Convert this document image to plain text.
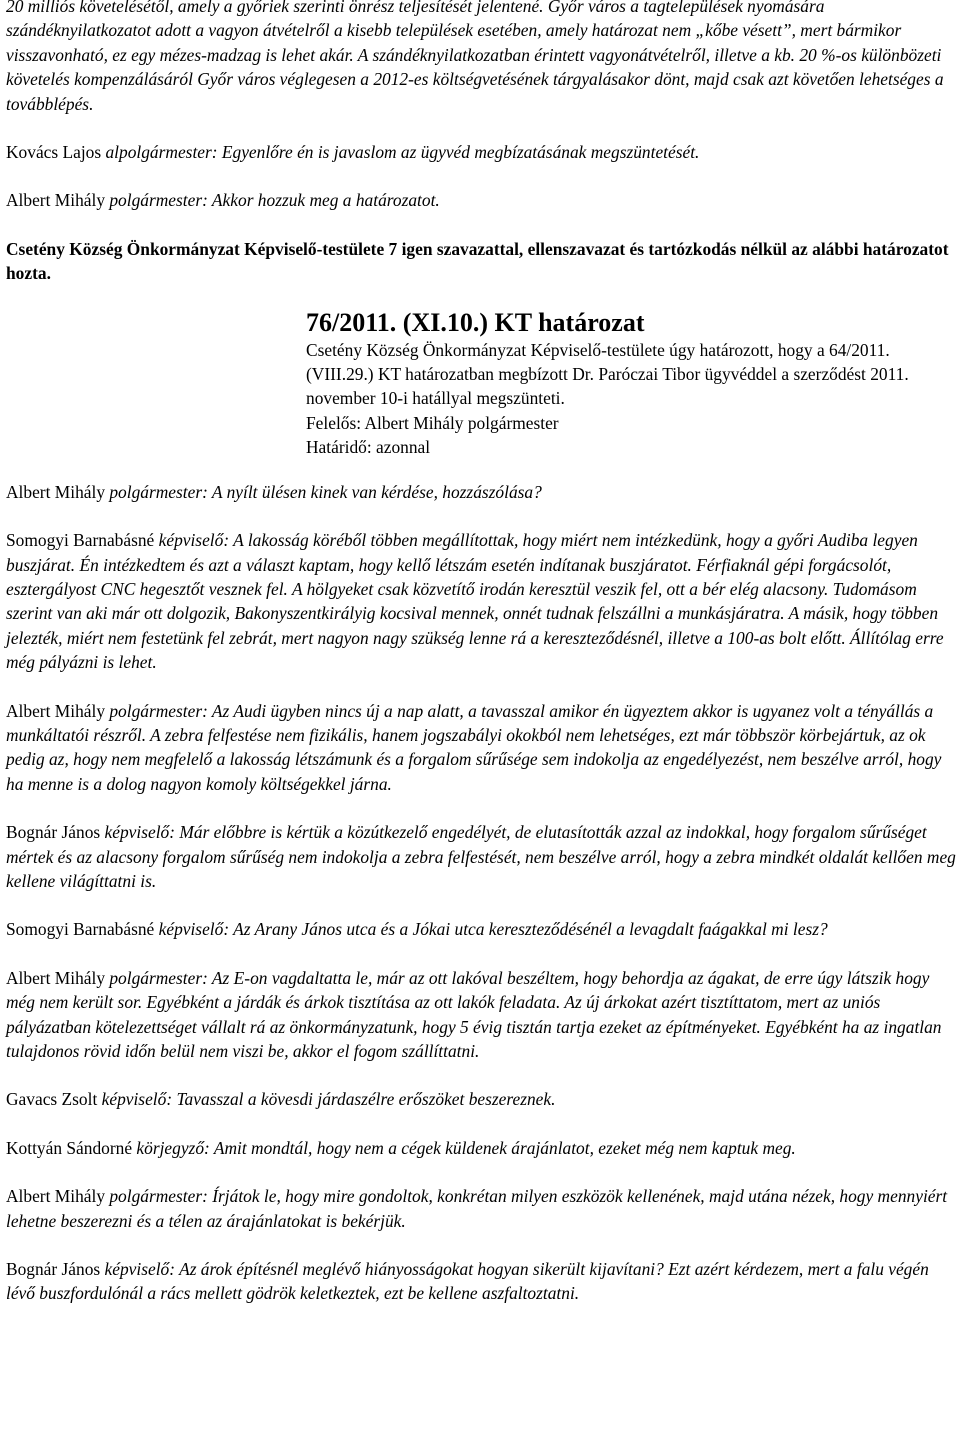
20 milliós követelésétől, amely a győriek szerinti önrész teljesítését jelentené. Győr város a tagtelepülések nyomására szándéknyilatkozatot adott a vagyon átvételről a kisebb települések esetében, amely határozat nem „kőbe vésett”, mert bármikor visszavonható, ez egy mézes-madzag is lehet akár. A szándéknyilatkozatban érintett vagyonátvételről, illetve a kb. 20 %-os különbözeti követelés kompenzálásáról Győr város véglegesen a 2012-es költségvetésének tárgyalásakor dönt, majd csak azt követően lehetséges a továbblépés.

Kovács Lajos alpolgármester: Egyenlőre én is javaslom az ügyvéd megbízatásának megszüntetését.

Albert Mihály polgármester: Akkor hozzuk meg a határozatot.

Csetény Község Önkormányzat Képviselő-testülete 7 igen szavazattal, ellenszavazat és tartózkodás nélkül az alábbi határozatot hozta.

76/2011. (XI.10.) KT határozat

Csetény Község Önkormányzat Képviselő-testülete úgy határozott, hogy a 64/2011. (VIII.29.) KT határozatban megbízott Dr. Paróczai Tibor ügyvéddel a szerződést 2011. november 10-i hatállyal megszünteti.

Felelős: Albert Mihály polgármester

Határidő: azonnal

Albert Mihály polgármester: A nyílt ülésen kinek van kérdése, hozzászólása?

Somogyi Barnabásné képviselő: A lakosság köréből többen megállítottak, hogy miért nem intézkedünk, hogy a győri Audiba legyen buszjárat. Én intézkedtem és azt a választ kaptam, hogy kellő létszám esetén indítanak buszjáratot. Férfiaknál gépi forgácsolót, esztergályost CNC hegesztőt vesznek fel. A hölgyeket csak közvetítő irodán keresztül veszik fel, ott a bér elég alacsony. Tudomásom szerint van aki már ott dolgozik, Bakonyszentkirályig kocsival mennek, onnét tudnak felszállni a munkásjáratra. A másik, hogy többen jelezték, miért nem festetünk fel zebrát, mert nagyon nagy szükség lenne rá a kereszteződésnél, illetve a 100-as bolt előtt. Állítólag erre még pályázni is lehet.

Albert Mihály polgármester: Az Audi ügyben nincs új a nap alatt, a tavasszal amikor én ügyeztem akkor is ugyanez volt a tényállás a munkáltatói részről. A zebra felfestése nem fizikális, hanem jogszabályi okokból nem lehetséges, ezt már többször körbejártuk, az ok pedig az, hogy nem megfelelő a lakosság létszámunk és a forgalom sűrűsége sem indokolja az engedélyezést, nem beszélve arról, hogy ha menne is a dolog nagyon komoly költségekkel járna.

Bognár János képviselő: Már előbbre is kértük a közútkezelő engedélyét, de elutasították azzal az indokkal, hogy forgalom sűrűséget mértek és az alacsony forgalom sűrűség nem indokolja a zebra felfestését, nem beszélve arról, hogy a zebra mindkét oldalát kellően meg kellene világíttatni is.

Somogyi Barnabásné képviselő: Az Arany János utca és a Jókai utca kereszteződésénél a levagdalt faágakkal mi lesz?

Albert Mihály polgármester: Az E-on vagdaltatta le, már az ott lakóval beszéltem, hogy behordja az ágakat, de erre úgy látszik hogy még nem került sor. Egyébként a járdák és árkok tisztítása az ott lakók feladata. Az új árkokat azért tisztíttatom, mert az uniós pályázatban kötelezettséget vállalt rá az önkormányzatunk, hogy 5 évig tisztán tartja ezeket az építményeket. Egyébként ha az ingatlan tulajdonos rövid időn belül nem viszi be, akkor el fogom szállíttatni.

Gavacs Zsolt képviselő: Tavasszal a kövesdi járdaszélre erőszöket beszereznek.

Kottyán Sándorné körjegyző: Amit mondtál, hogy nem a cégek küldenek árajánlatot, ezeket még nem kaptuk meg.

Albert Mihály polgármester: Írjátok le, hogy mire gondoltok, konkrétan milyen eszközök kellenének, majd utána nézek, hogy mennyiért lehetne beszerezni és a télen az árajánlatokat is bekérjük.

Bognár János képviselő: Az árok építésnél meglévő hiányosságokat hogyan sikerült kijavítani? Ezt azért kérdezem, mert a falu végén lévő buszfordulónál a rács mellett gödrök keletkeztek, ezt be kellene aszfaltoztatni.
